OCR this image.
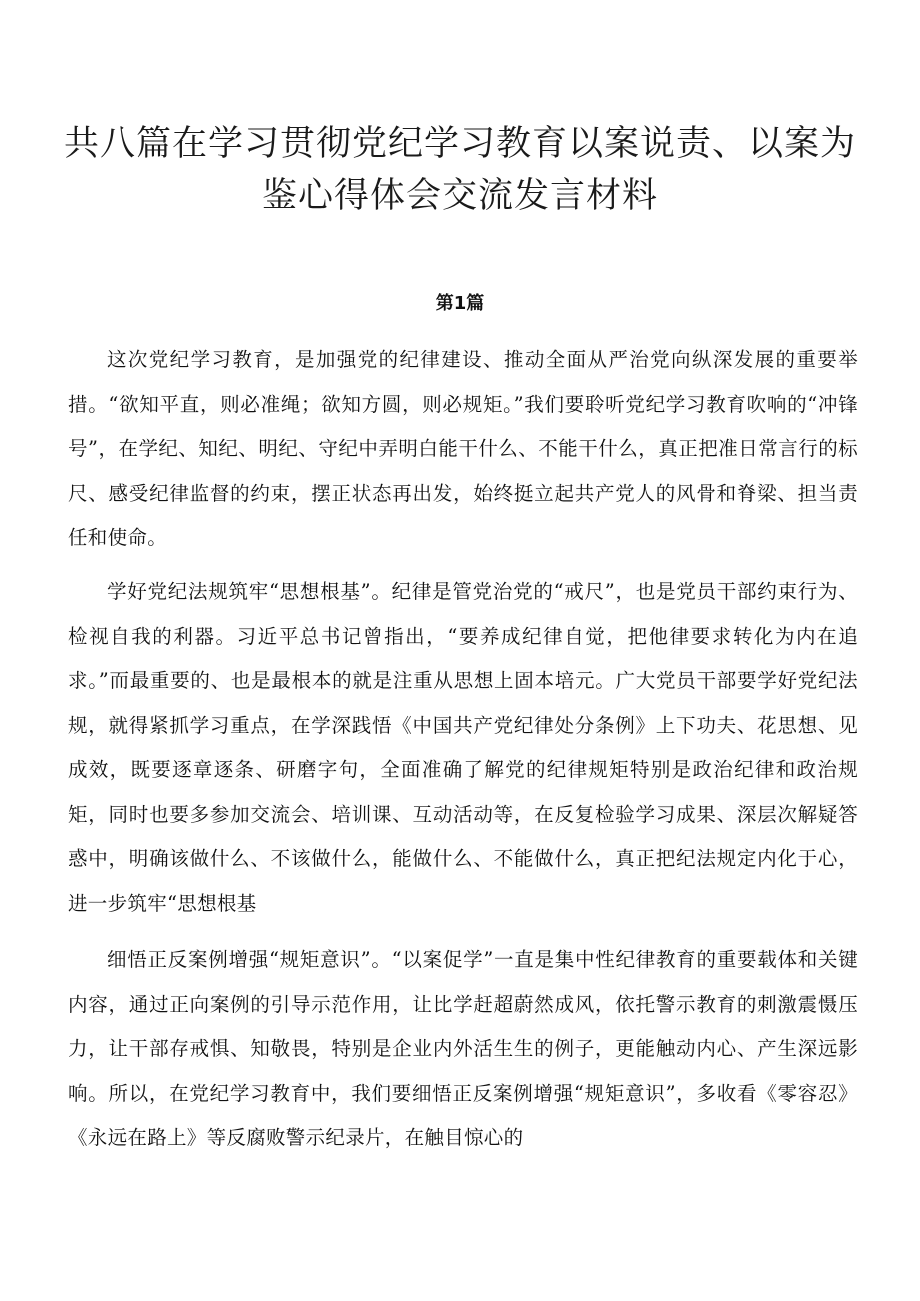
共八篇在学习贯彻党纪学习教育以案说责、以案为鉴心得体会交流发言材料
第1篇

这次党纪学习教育，是加强党的纪律建设、推动全面从严治党向纵深发展的重要举措。“欲知平直，则必准绳；欲知方圆，则必规矩。”我们要聆听党纪学习教育吹响的“冲锋号”，在学纪、知纪、明纪、守纪中弄明白能干什么、不能干什么，真正把准日常言行的标尺、感受纪律监督的约束，摆正状态再出发，始终挺立起共产党人的风骨和脊梁、担当责任和使命。

学好党纪法规筑牢“思想根基”。纪律是管党治党的“戒尺”，也是党员干部约束行为、检视自我的利器。习近平总书记曾指出，“要养成纪律自觉，把他律要求转化为内在追求。”而最重要的、也是最根本的就是注重从思想上固本培元。广大党员干部要学好党纪法规，就得紧抓学习重点，在学深践悟《中国共产党纪律处分条例》上下功夫、花思想、见成效，既要逐章逐条、研磨字句，全面准确了解党的纪律规矩特别是政治纪律和政治规矩，同时也要多参加交流会、培训课、互动活动等，在反复检验学习成果、深层次解疑答惑中，明确该做什么、不该做什么，能做什么、不能做什么，真正把纪法规定内化于心，进一步筑牢“思想根基

细悟正反案例增强“规矩意识”。“以案促学”一直是集中性纪律教育的重要载体和关键内容，通过正向案例的引导示范作用，让比学赶超蔚然成风，依托警示教育的刺激震慑压力，让干部存戒惧、知敬畏，特别是企业内外活生生的例子，更能触动内心、产生深远影响。所以，在党纪学习教育中，我们要细悟正反案例增强“规矩意识”，多收看《零容忍》《永远在路上》等反腐败警示纪录片，在触目惊心的
